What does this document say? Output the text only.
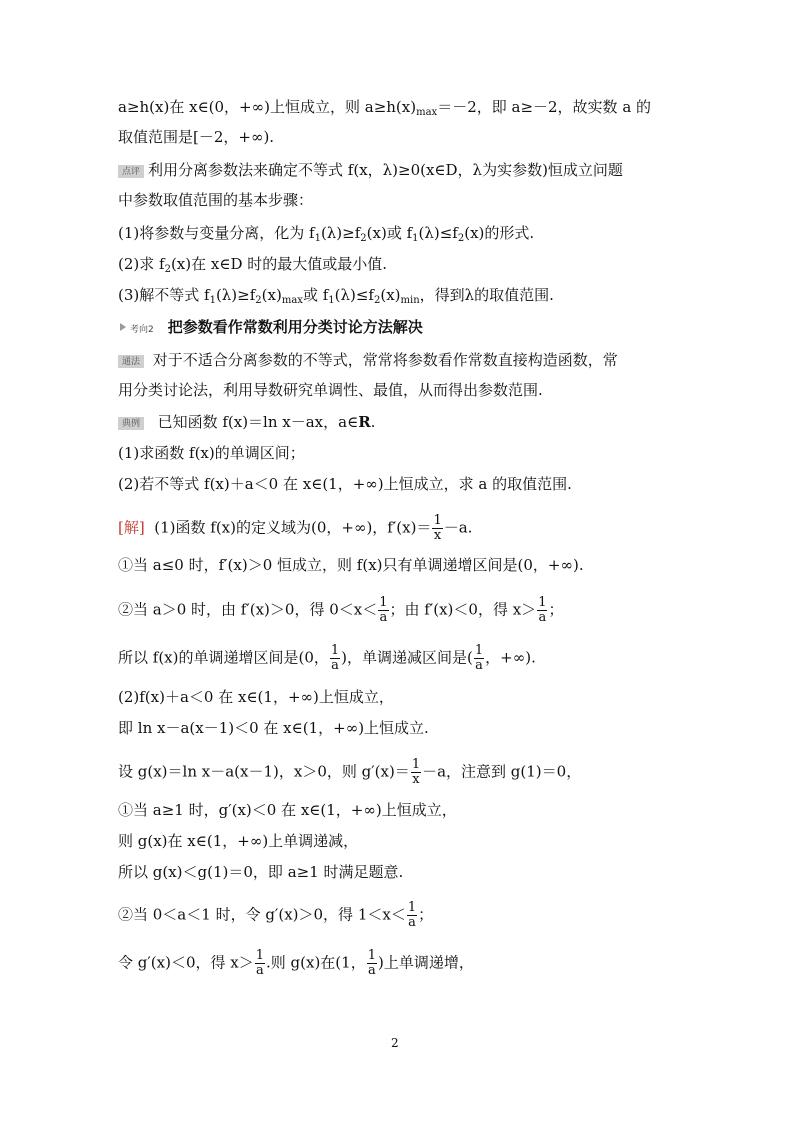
a≥h(x)在 x∈(0，+∞)上恒成立，则 $a\ge h(x)_{max}=-2$，即 a≥－2，故实数 a 的
取值范围是[－2，+∞).
点评 利用分离参数法来确定不等式 f(x，λ)≥0(x∈D，λ为实参数)恒成立问题
中参数取值范围的基本步骤：
(1)将参数与变量分离，化为 $f_1(\lambda)\ge f_2(x)$或 $f_1(\lambda)\le f_2(x)$的形式.
(2)求 $f_2(x)$在 x∈D 时的最大值或最小值.
(3)解不等式 $f_1(\lambda)\ge f_2(x)_{max}$或 $f_1(\lambda)\le f_2(x)_{min}$，得到λ的取值范围.
考向2 把参数看作常数利用分类讨论方法解决
通法 对于不适合分离参数的不等式，常常将参数看作常数直接构造函数，常
用分类讨论法，利用导数研究单调性、最值，从而得出参数范围.
典例 已知函数 f(x)＝ln x－ax，a∈R.
(1)求函数 f(x)的单调区间；
(2)若不等式 f(x)＋a＜0 在 x∈(1，+∞)上恒成立，求 a 的取值范围.
[解] (1)函数 f(x)的定义域为(0，+∞)，$f'(x)= \frac{1}{x} -a$.
①当 a≤0 时，f′(x)＞0 恒成立，则 f(x)只有单调递增区间是(0，+∞).
②当 a＞0 时，由 f′(x)＞0，得 $0<x< \frac{1}{a}$ ；由 f′(x)＜0，得 $x> \frac{1}{a}$ ；
所以 f(x)的单调递增区间是(0， $\frac{1}{a}$ )，单调递减区间是( $\frac{1}{a}$ ，+∞).
(2)f(x)＋a＜0 在 x∈(1，+∞)上恒成立，
即 ln x－a(x－1)＜0 在 x∈(1，+∞)上恒成立.
设 g(x)＝ln x－a(x－1)，x＞0，则 $g'(x)= \frac{1}{x} -a$，注意到 g(1)＝0，
①当 a≥1 时，g′(x)＜0 在 x∈(1，+∞)上恒成立，
则 g(x)在 x∈(1，+∞)上单调递减，
所以 g(x)＜g(1)＝0，即 a≥1 时满足题意.
②当 0＜a＜1 时，令 g′(x)＞0，得 $1<x< \frac{1}{a}$ ；
令 g′(x)＜0，得 $x> \frac{1}{a}$ .则 g(x)在(1， $\frac{1}{a}$ )上单调递增，
2
